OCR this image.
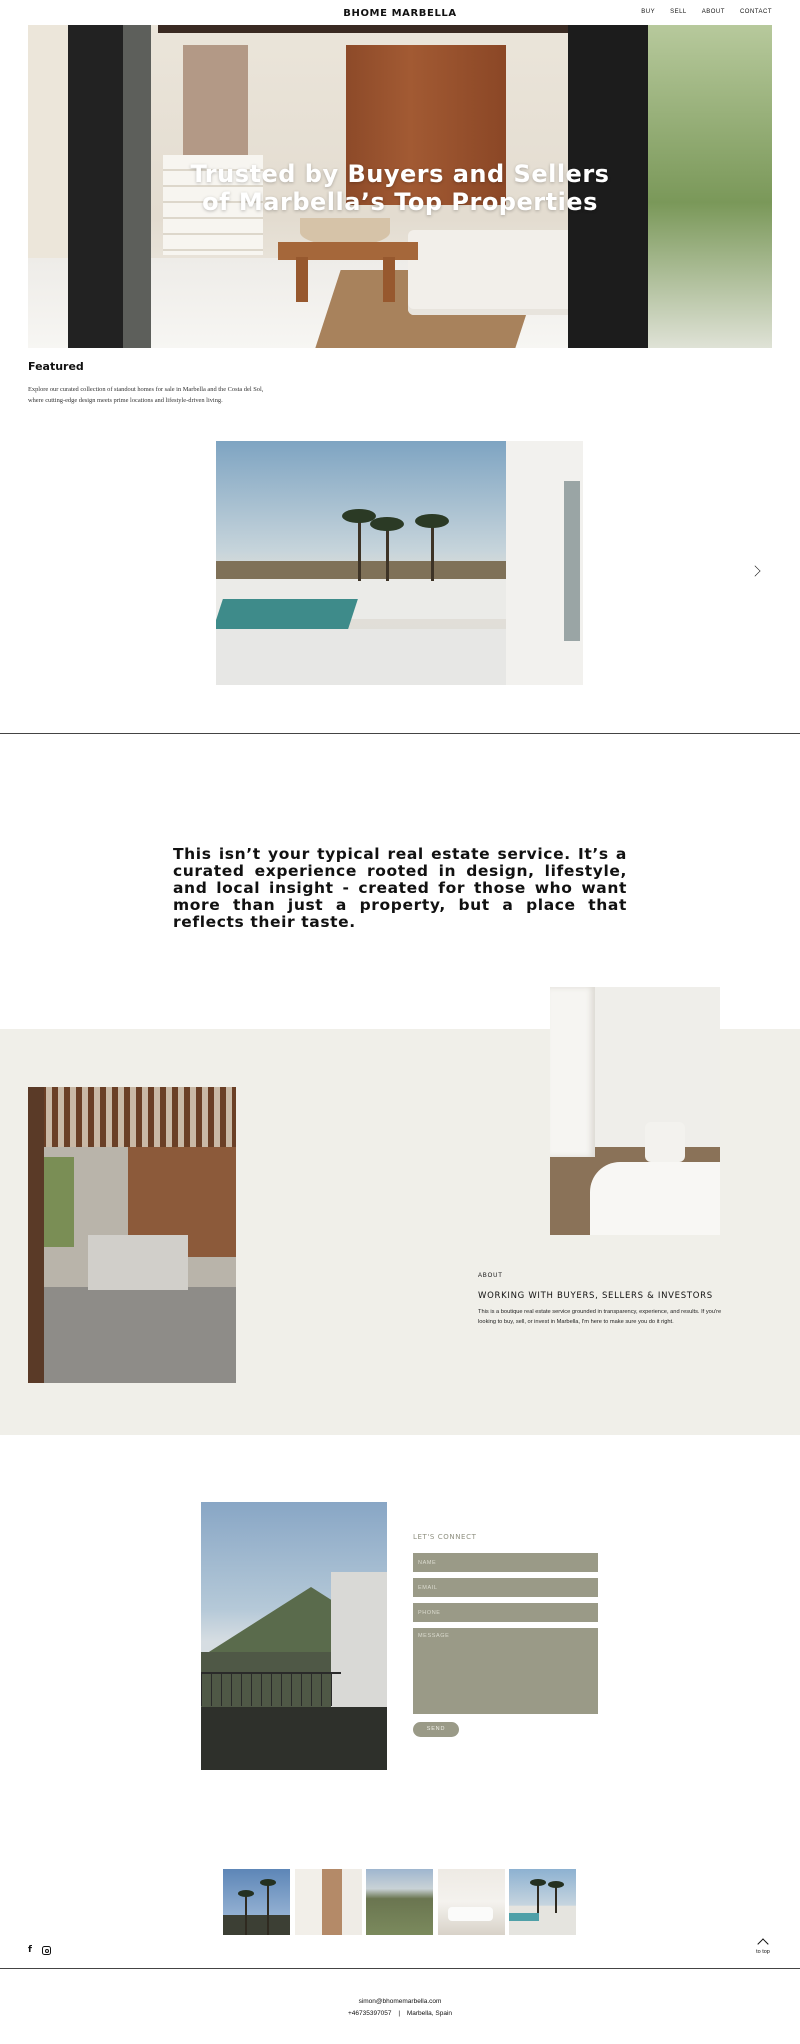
BHOME MARBELLA	BUY	SELL	ABOUT	CONTACT
Trusted by Buyers and Sellers
of Marbella’s Top Properties
Featured

Explore our curated collection of standout homes for sale in Marbella and the Costa del Sol, where cutting-edge design meets prime locations and lifestyle-driven living.

This isn’t your typical real estate service. It’s a curated experience rooted in design, lifestyle, and local insight - created for those who want more than just a property, but a place that reflects their taste.

ABOUT
WORKING WITH BUYERS, SELLERS & INVESTORS

This is a boutique real estate service grounded in transparency, experience, and results. If you're looking to buy, sell, or invest in Marbella, I'm here to make sure you do it right.

LET'S CONNECT
NAME
EMAIL
PHONE
MESSAGE
SEND
f	to top
simon@bhomemarbella.com
+46735397057 | Marbella, Spain
